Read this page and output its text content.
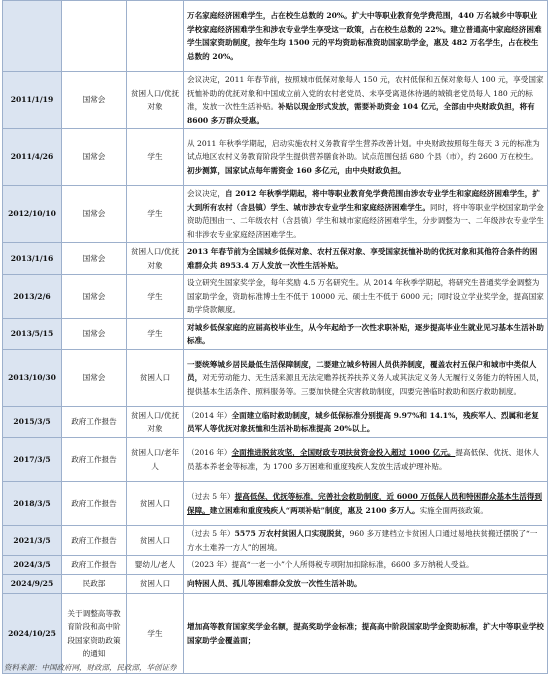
			万名家庭经济困难学生，占在校生总数的 20%。扩大中等职业教育免学费范围，440 万名城乡中等职业学校家庭经济困难学生和涉农专业学生享受这一政策，占在校生总数的 22%。建立普通高中家庭经济困难学生国家资助制度，按年生均 1500 元的平均资助标准资助国家助学金，惠及 482 万名学生，占在校生总数的 20%。
2011/1/19	国常会	贫困人口/优抚对象	会议决定，2011 年春节前，按照城市低保对象每人 150 元，农村低保和五保对象每人 100 元，享受国家抚恤补助的优抚对象和中国成立前入党的农村老党员、未享受离退休待遇的城镇老党员每人 180 元的标准，发放一次性生活补贴。补贴以现金形式发放，需要补助资金 104 亿元，全部由中央财政负担，将有 8600 多万群众受惠。
2011/4/26	国常会	学生	从 2011 年秋季学期起，启动实施农村义务教育学生营养改善计划。中央财政按照每生每天 3 元的标准为试点地区农村义务教育阶段学生提供营养膳食补助。试点范围包括 680 个县（市），约 2600 万在校生。初步测算，国家试点每年需资金 160 多亿元，由中央财政负担。
2012/10/10	国常会	学生	会议决定，自 2012 年秋季学期起，将中等职业教育免学费范围由涉农专业学生和家庭经济困难学生，扩大到所有农村（含县镇）学生、城市涉农专业学生和家庭经济困难学生。同时，将中等职业学校国家助学金资助范围由一、二年级农村（含县镇）学生和城市家庭经济困难学生，分步调整为一、二年级涉农专业学生和非涉农专业家庭经济困难学生。
2013/1/16	国常会	贫困人口/优抚对象	2013 年春节前为全国城乡低保对象、农村五保对象、享受国家抚恤补助的优抚对象和其他符合条件的困难群众共 8953.4 万人发放一次性生活补贴。
2013/2/6	国常会	学生	设立研究生国家奖学金，每年奖励 4.5 万名研究生。从 2014 年秋季学期起，将研究生普通奖学金调整为国家助学金，资助标准博士生不低于 10000 元、硕士生不低于 6000 元；同时设立学业奖学金，提高国家助学贷款额度。
2013/5/15	国常会	学生	对城乡低保家庭的应届高校毕业生，从今年起给予一次性求职补贴，逐步提高毕业生就业见习基本生活补助标准。
2013/10/30	国常会	贫困人口	一要统筹城乡居民最低生活保障制度，二要建立城乡特困人员供养制度，覆盖农村五保户和城市中类似人员，对无劳动能力、无生活来源且无法定赡养抚养扶养义务人或其法定义务人无履行义务能力的特困人员，提供基本生活条件、照料服务等。三要加快健全灾害救助制度，四要完善临时救助和医疗救助制度。
2015/3/5	政府工作报告	贫困人口/优抚对象	（2014 年）全面建立临时救助制度，城乡低保标准分别提高 9.97%和 14.1%，残疾军人、烈属和老复员军人等优抚对象抚恤和生活补助标准提高 20%以上。
2017/3/5	政府工作报告	贫困人口/老年人	（2016 年）全面推进脱贫攻坚，全国财政专项扶贫资金投入超过 1000 亿元。提高低保、优抚、退休人员基本养老金等标准，为 1700 多万困难和重度残疾人发放生活或护理补贴。
2018/3/5	政府工作报告	贫困人口	（过去 5 年）提高低保、优抚等标准，完善社会救助制度，近 6000 万低保人员和特困群众基本生活得到保障。建立困难和重度残疾人“两项补贴”制度，惠及 2100 多万人。实施全面两孩政策。
2021/3/5	政府工作报告	贫困人口	（过去 5 年）5575 万农村贫困人口实现脱贫，960 多万建档立卡贫困人口通过易地扶贫搬迁摆脱了“一方水土难养一方人”的困境。
2024/3/5	政府工作报告	婴幼儿/老人	（2023 年）提高“一老一小”个人所得税专项附加扣除标准，6600 多万纳税人受益。
2024/9/25	民政部	贫困人口	向特困人员、孤儿等困难群众发放一次性生活补助。
2024/10/25	关于调整高等教育阶段和高中阶段国家资助政策的通知	学生	增加高等教育国家奖学金名额，提高奖助学金标准；提高高中阶段国家助学金资助标准，扩大中等职业学校国家助学金覆盖面；
资料来源：中国政府网，财政部，民政部，华创证券
